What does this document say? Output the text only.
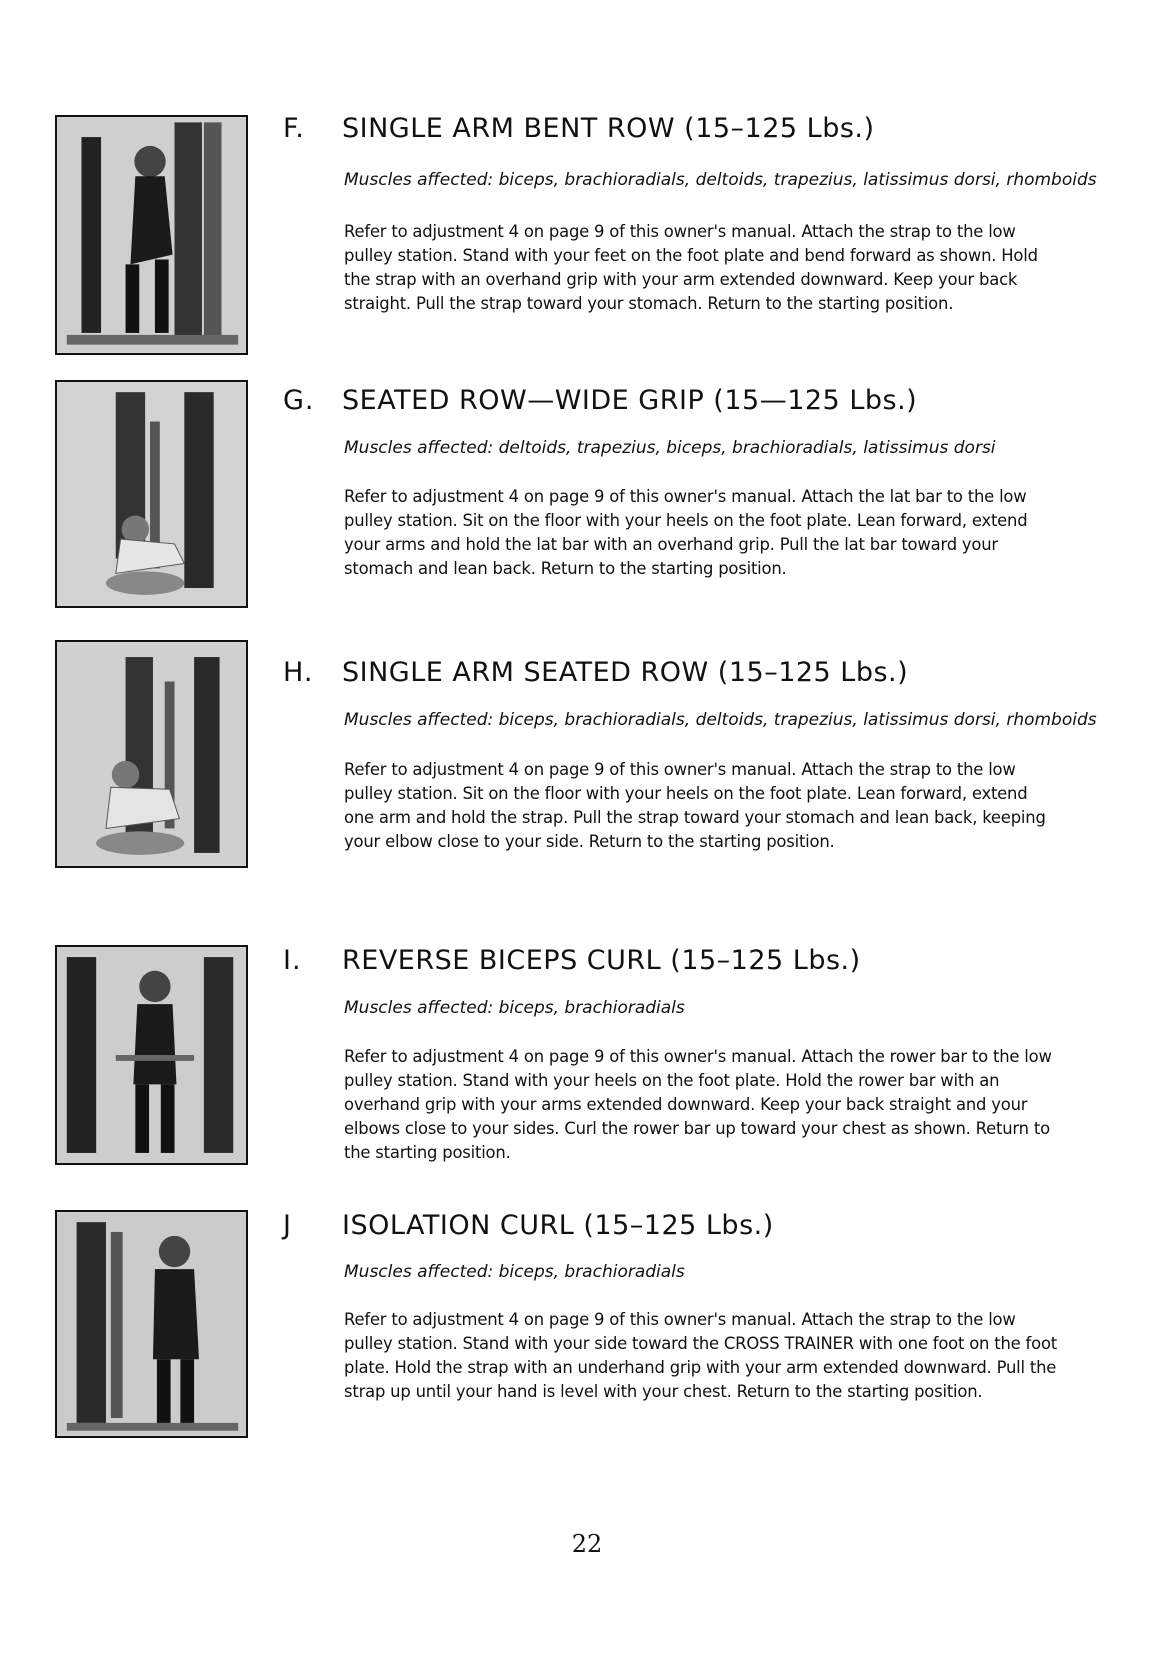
F. SINGLE ARM BENT ROW (15–125 Lbs.)
Muscles affected: biceps, brachioradials, deltoids, trapezius, latissimus dorsi, rhomboids
Refer to adjustment 4 on page 9 of this owner's manual. Attach the strap to the low pulley station. Stand with your feet on the foot plate and bend forward as shown. Hold the strap with an overhand grip with your arm extended downward. Keep your back straight. Pull the strap toward your stomach. Return to the starting position.
G. SEATED ROW—WIDE GRIP (15—125 Lbs.)
Muscles affected: deltoids, trapezius, biceps, brachioradials, latissimus dorsi
Refer to adjustment 4 on page 9 of this owner's manual. Attach the lat bar to the low pulley station. Sit on the floor with your heels on the foot plate. Lean forward, extend your arms and hold the lat bar with an overhand grip. Pull the lat bar toward your stomach and lean back. Return to the starting position.
H. SINGLE ARM SEATED ROW (15–125 Lbs.)
Muscles affected: biceps, brachioradials, deltoids, trapezius, latissimus dorsi, rhomboids
Refer to adjustment 4 on page 9 of this owner's manual. Attach the strap to the low pulley station. Sit on the floor with your heels on the foot plate. Lean forward, extend one arm and hold the strap. Pull the strap toward your stomach and lean back, keeping your elbow close to your side. Return to the starting position.
I. REVERSE BICEPS CURL (15–125 Lbs.)
Muscles affected: biceps, brachioradials
Refer to adjustment 4 on page 9 of this owner's manual. Attach the rower bar to the low pulley station. Stand with your heels on the foot plate. Hold the rower bar with an overhand grip with your arms extended downward. Keep your back straight and your elbows close to your sides. Curl the rower bar up toward your chest as shown. Return to the starting position.
J ISOLATION CURL (15–125 Lbs.)
Muscles affected: biceps, brachioradials
Refer to adjustment 4 on page 9 of this owner's manual. Attach the strap to the low pulley station. Stand with your side toward the CROSS TRAINER with one foot on the foot plate. Hold the strap with an underhand grip with your arm extended downward. Pull the strap up until your hand is level with your chest. Return to the starting position.
22
